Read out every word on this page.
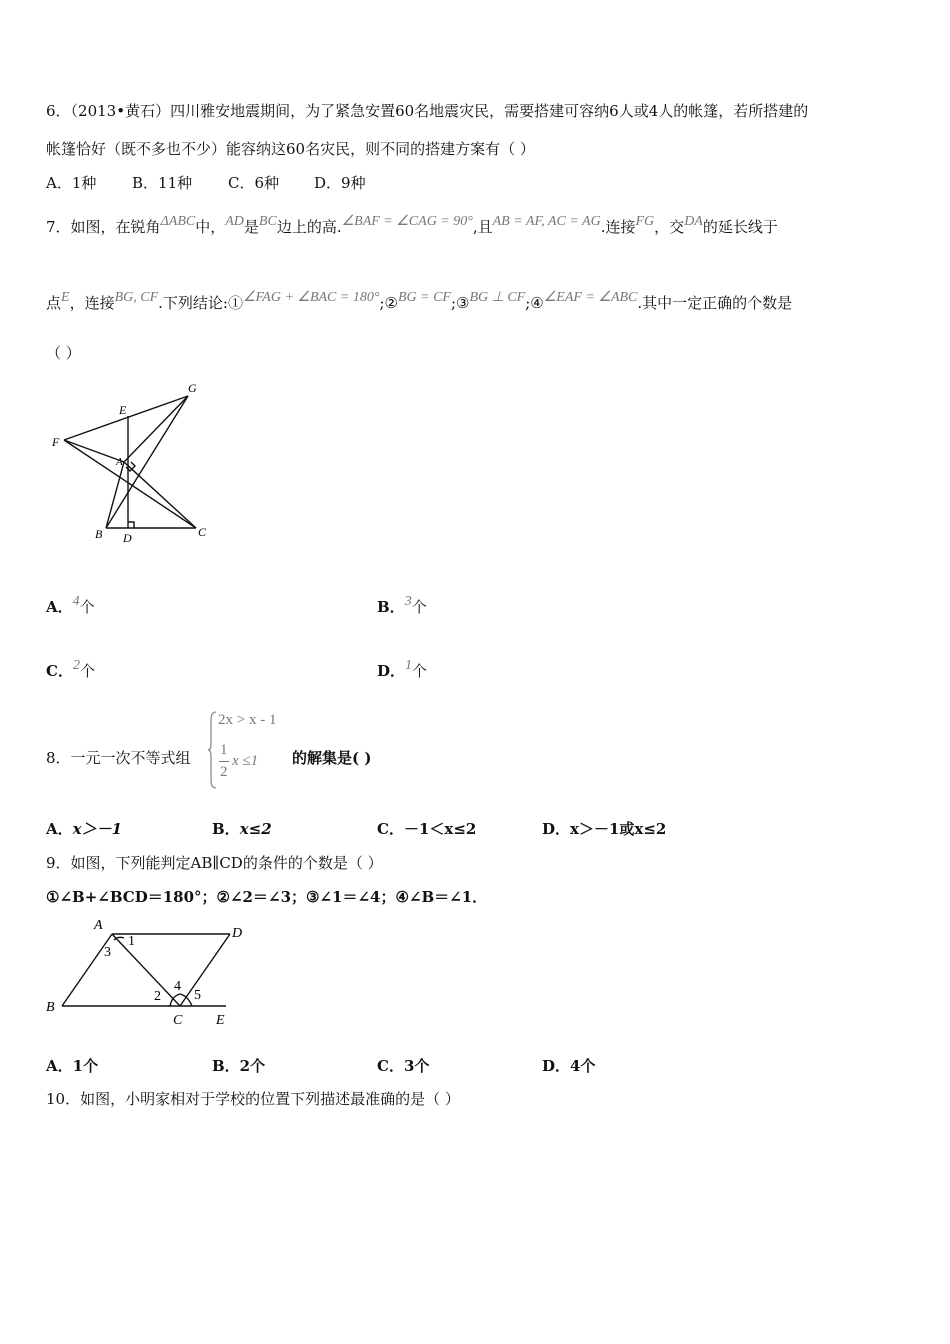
6．（2013•黄石）四川雅安地震期间，为了紧急安置60名地震灾民，需要搭建可容纳6人或4人的帐篷，若所搭建的
帐篷恰好（既不多也不少）能容纳这60名灾民，则不同的搭建方案有（ ）
A．1种 B．11种 C．6种 D．9种
7．如图，在锐角ΔABC中，AD是BC边上的高.∠BAF = ∠CAG = 90°,且AB = AF, AC = AG.连接FG，交DA的延长线于
点E，连接BG, CF.下列结论:①∠FAG + ∠BAC = 180°;②BG = CF;③BG ⊥ CF;④∠EAF = ∠ABC.其中一定正确的个数是
（ ）
G
E
F
A
B D	C
A．4个	B．3个
C．2个	D．1个
8．一元一次不等式组
2x > x - 1
1
2
x ≤1 的解集是( )
A．x＞－1	B．x≤2	C．－1＜x≤2	D．x＞－1或x≤2
9．如图，下列能判定AB∥CD的条件的个数是（ ）
①∠B+∠BCD＝180°；②∠2＝∠3；③∠1＝∠4；④∠B＝∠1．
A
D
B
C E
1
2
3
4
5
A．1个	B．2个	C．3个	D．4个
10．如图，小明家相对于学校的位置下列描述最准确的是（ ）
